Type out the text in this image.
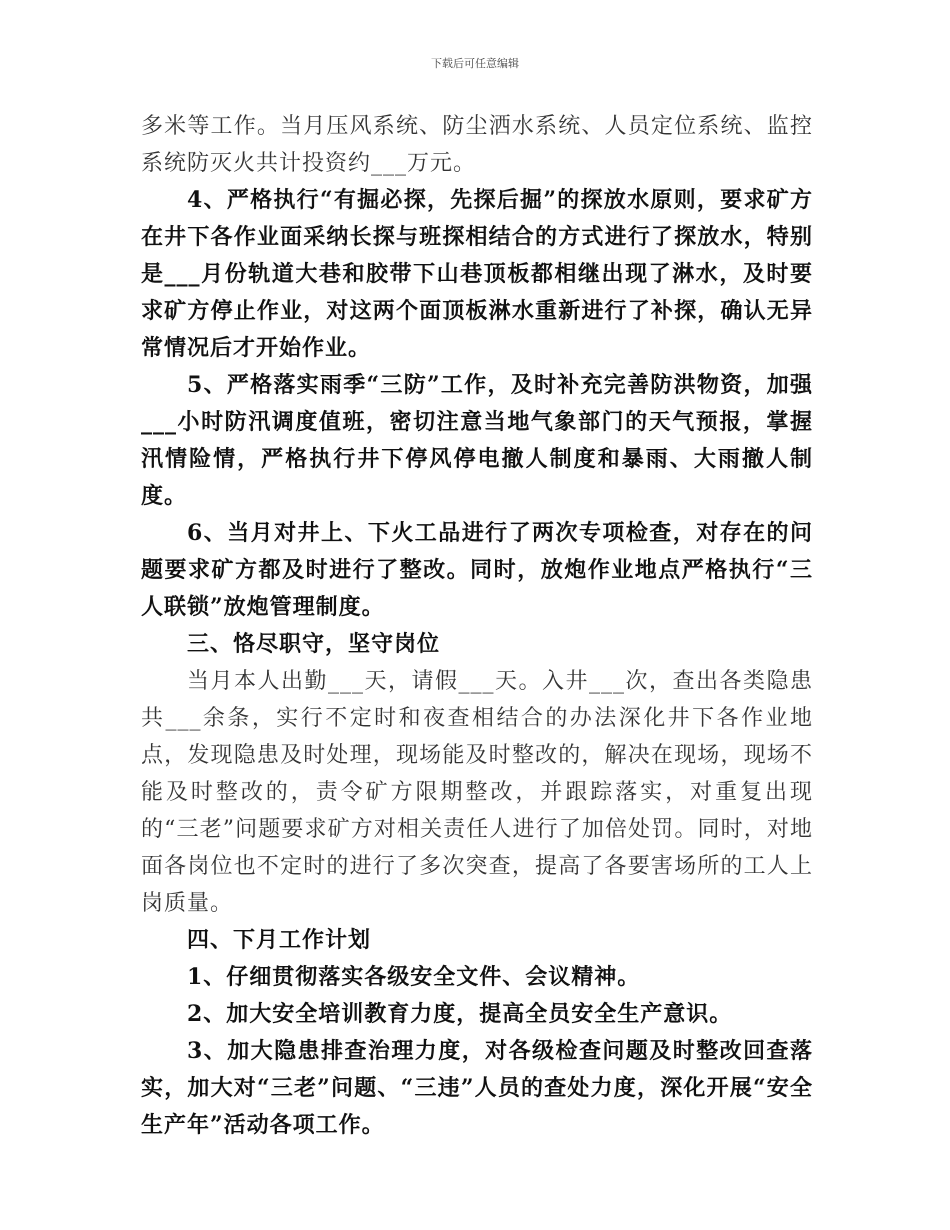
下载后可任意编辑

多米等工作。当月压风系统、防尘洒水系统、人员定位系统、监控系统防灭火共计投资约___万元。

4、严格执行“有掘必探，先探后掘”的探放水原则，要求矿方在井下各作业面采纳长探与班探相结合的方式进行了探放水，特别是___月份轨道大巷和胶带下山巷顶板都相继出现了淋水，及时要求矿方停止作业，对这两个面顶板淋水重新进行了补探，确认无异常情况后才开始作业。

5、严格落实雨季“三防”工作，及时补充完善防洪物资，加强___小时防汛调度值班，密切注意当地气象部门的天气预报，掌握汛情险情，严格执行井下停风停电撤人制度和暴雨、大雨撤人制度。

6、当月对井上、下火工品进行了两次专项检查，对存在的问题要求矿方都及时进行了整改。同时，放炮作业地点严格执行“三人联锁”放炮管理制度。

三、恪尽职守，坚守岗位

当月本人出勤___天，请假___天。入井___次，查出各类隐患共___余条，实行不定时和夜查相结合的办法深化井下各作业地点，发现隐患及时处理，现场能及时整改的，解决在现场，现场不能及时整改的，责令矿方限期整改，并跟踪落实，对重复出现的“三老”问题要求矿方对相关责任人进行了加倍处罚。同时，对地面各岗位也不定时的进行了多次突查，提高了各要害场所的工人上岗质量。

四、下月工作计划

1、仔细贯彻落实各级安全文件、会议精神。

2、加大安全培训教育力度，提高全员安全生产意识。

3、加大隐患排查治理力度，对各级检查问题及时整改回查落实，加大对“三老”问题、“三违”人员的查处力度，深化开展“安全生产年”活动各项工作。
